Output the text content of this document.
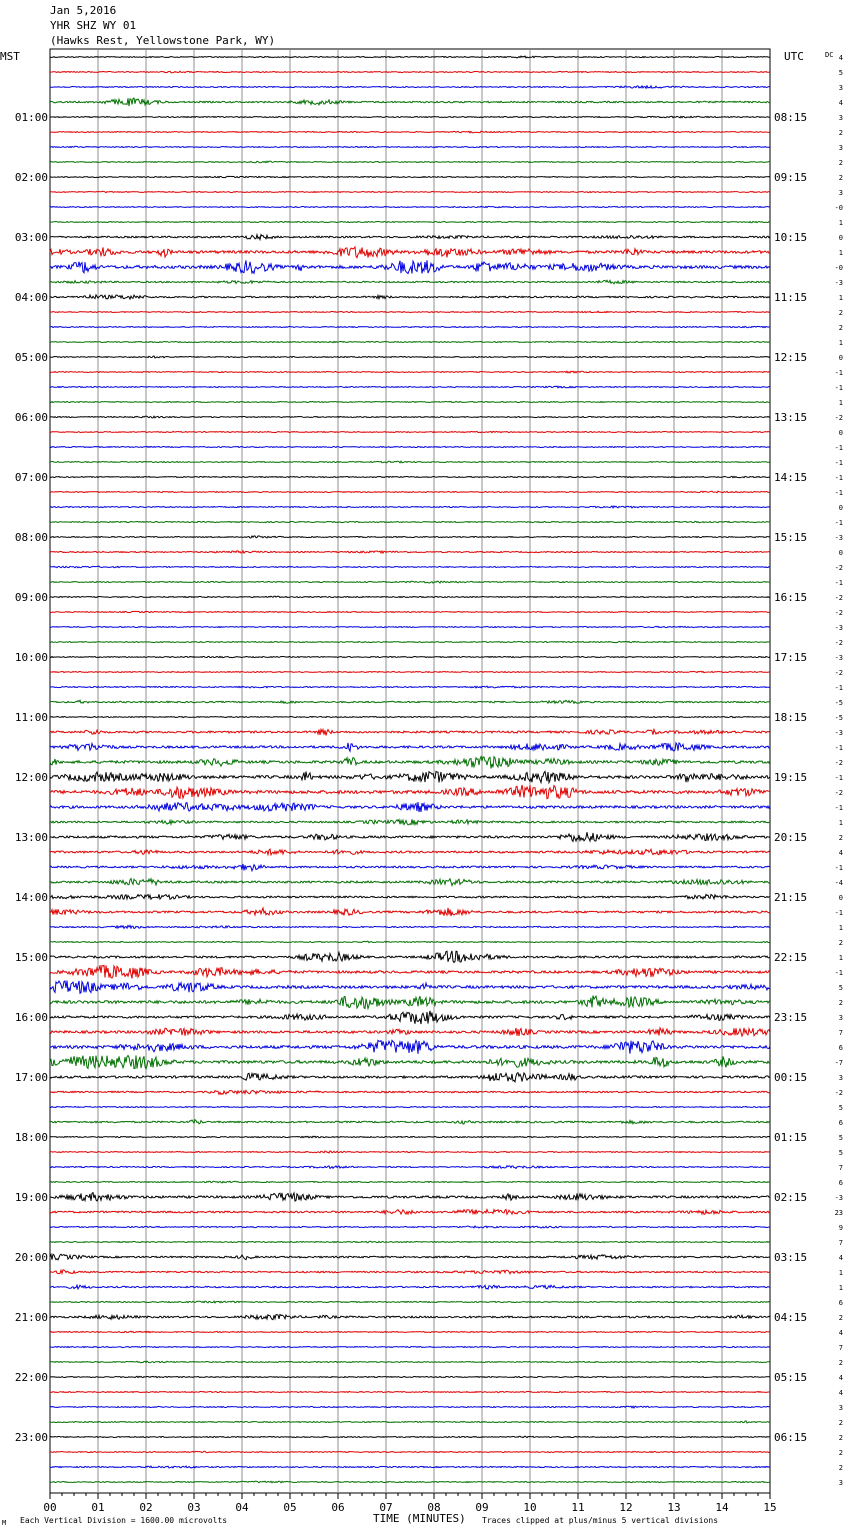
Jan 5,2016
YHR SHZ WY 01
(Hawks Rest, Yellowstone Park, WY)
MST	UTC	DC
00	01	02	03	04	05	06	07	08	09	10	11	12	13	14	15
4
5
3
4
3
2
3
2
2
3
-0
1
0
1
-0
-3
1
2
2
1
0
-1
-1
1
-2
0
-1
-1
-1
-1
0
-1
-3
0
-2
-1
-2
-2
-3
-2
-3
-2
-1
-5
-5
-3
-1
-2
-1
-2
-1
1
2
4
-1
-4
0
-1
1
2
1
-1
5
2
3
7
6
-7
3
-2
5
6
5
5
7
6
-3
23
9
7
4
1
1
6
2
4
7
2
4
4
3
2
2
2
2
3
01:00
02:00
03:00
04:00
05:00
06:00
07:00
08:00
09:00
10:00
11:00
12:00
13:00
14:00
15:00
16:00
17:00
18:00
19:00
20:00
21:00
22:00
23:00
08:15
09:15
10:15
11:15
12:15
13:15
14:15
15:15
16:15
17:15
18:15
19:15
20:15
21:15
22:15
23:15
00:15
01:15
02:15
03:15
04:15
05:15
06:15
M Each Vertical Division = 1600.00 microvolts	TIME (MINUTES) Traces clipped at plus/minus 5 vertical divisions
